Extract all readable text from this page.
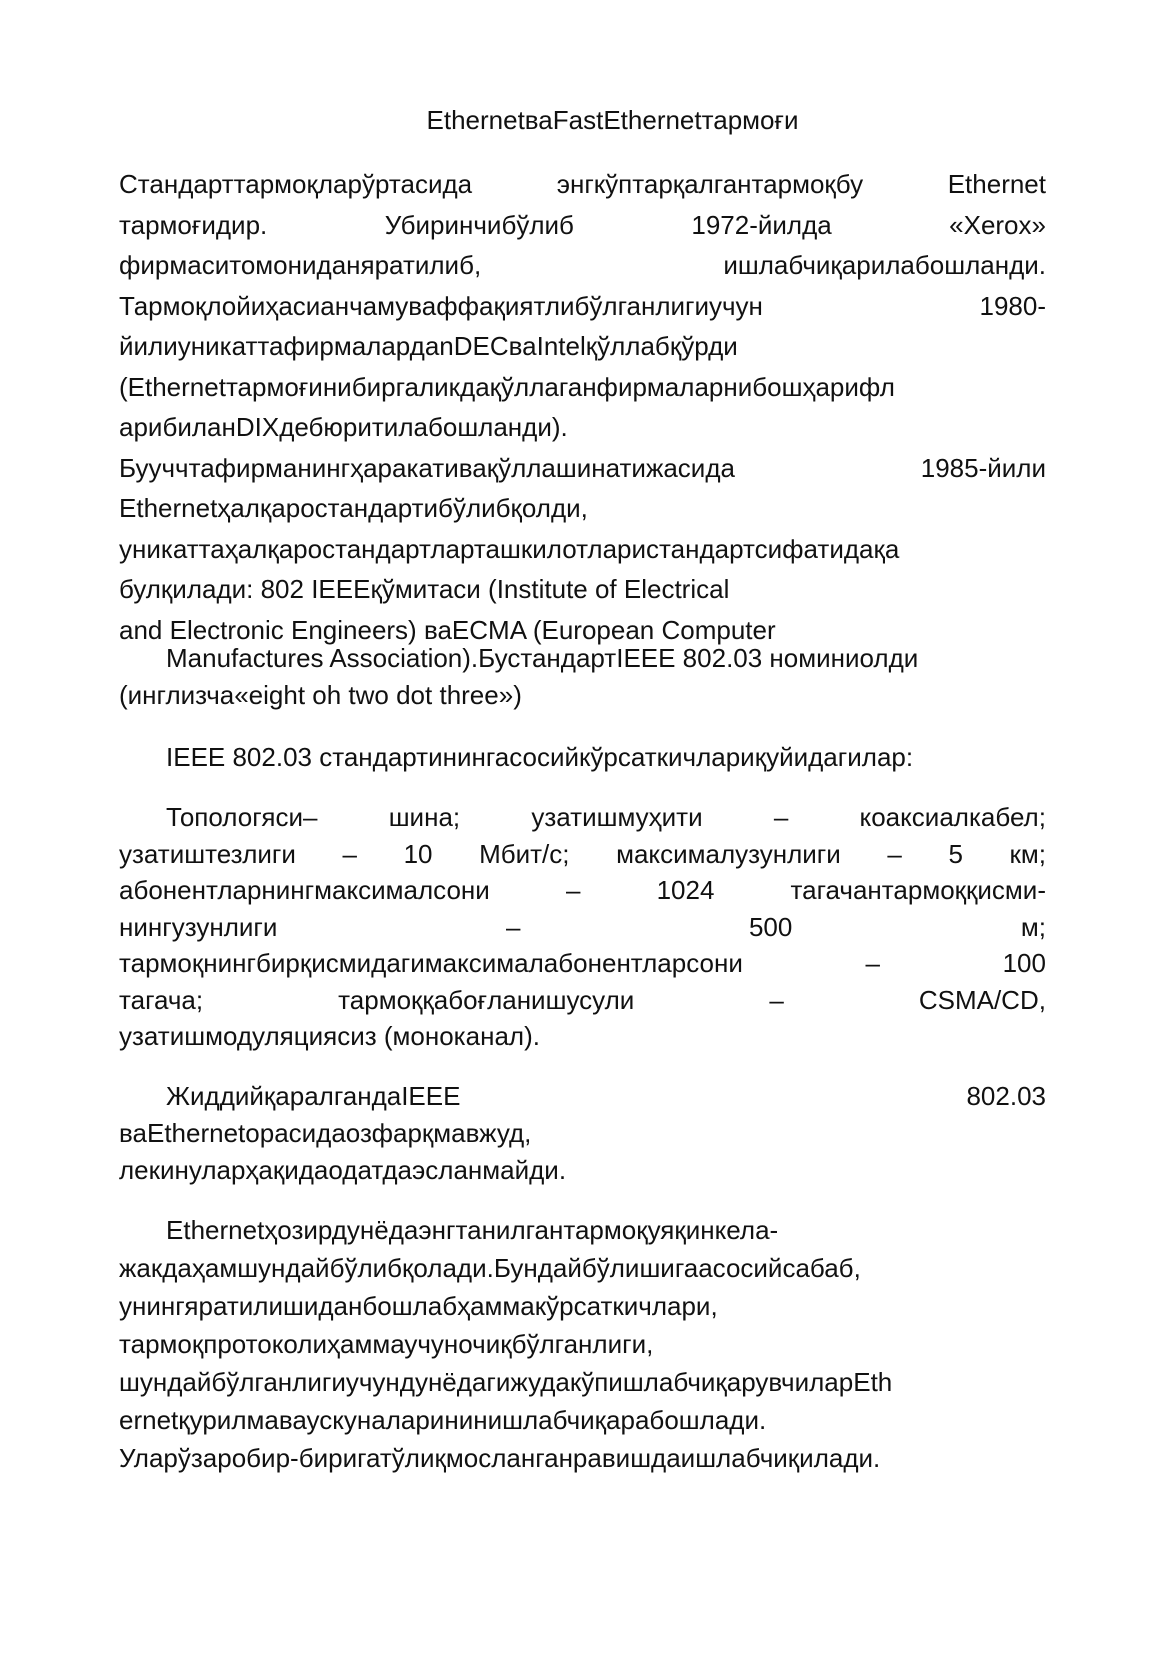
EthernetваFastEthernetтармоғи
Стандарттармоқларўртасида	энгкўптарқалгантармоқбу	Ethernet
тармоғидир.	Убиринчибўлиб	1972-йилда	«Xerox»
фирмаситомониданяратилиб,	ишлабчиқарилабошланди.
Тармоқлойиҳасианчамуваффақиятлибўлганлигиучун	1980-
йилиуникаттафирмалардanDECваIntelқўллабқўрди
(Ethernetтармоғинибиргаликдақўллаганфирмаларнибошҳарифл
арибиланDIXдебюритилабошланди).
Бууччтафирманингҳаракативақўллашинатижасида	1985-йили
Ethernetҳалқаростандартибўлибқолди,
уникаттаҳалқаростандартларташкилотларистандартсифатидақа
булқилади: 802 IEEEқўмитаси (Institute of Electrical
and Electronic Engineers) ваECMA (European Computer
Manufactures Association).БустандартIEEE 802.03 номиниолди
(инглизча«eight oh two dot three»)
IEEE 802.03 стандартинингасосийкўрсаткичлариқуйидагилар:
Топологяси–	шина;	узатишмуҳити	–	коаксиалкабел;
узатиштезлиги – 10 Мбит/с; максималузунлиги – 5 км;
абонентларнингмаксималсони	–	1024	тагачантармоққисми-
нингузунлиги	–	500	м;
тармоқнингбирқисмидагимаксималабонентларсони	–	100
тагача;	тармоққабоғланишусули	–	CSMA/CD,
узатишмодуляциясиз (моноканал).
ЖиддийқаралгандаIEEE	802.03
ваEthernetорасидаозфарқмавжуд,
лекинуларҳақидаодатдаэсланмайди.
Ethernetҳозирдунёдаэнгтанилгантармоқуяқинкела-
жакдаҳамшундайбўлибқолади.Бундайбўлишигаасосийсабаб,
унингяратилишиданбошлабҳаммакўрсаткичлари,
тармоқпротоколиҳаммаучуночиқбўлганлиги,
шундайбўлганлигиучундунёдагижудакўпишлабчиқарувчиларEth
ernetқурилмаваускуналарининишлабчиқарабошлади.
Уларўзаробир-биригатўлиқмосланганравишдаишлабчиқилади.
